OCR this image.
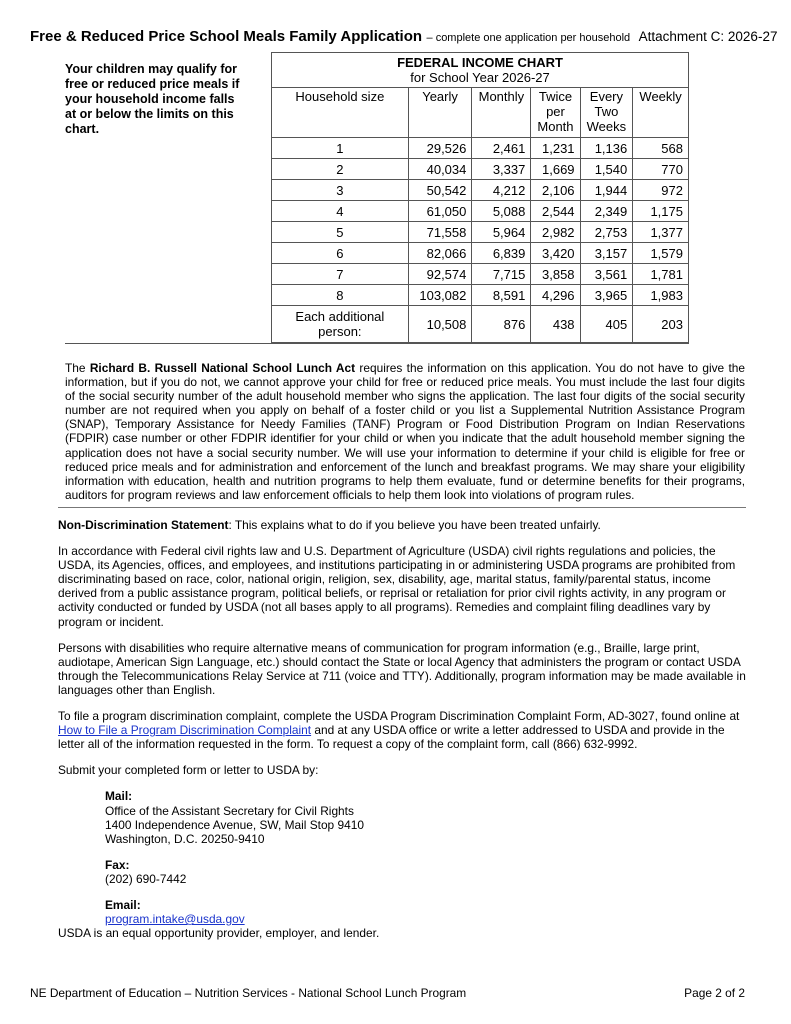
Free & Reduced Price School Meals Family Application – complete one application per household Attachment C: 2026-27
Your children may qualify for free or reduced price meals if your household income falls at or below the limits on this chart.
FEDERAL INCOME CHART
for School Year 2026-27					
Household size	Yearly	Monthly	Twice per Month	Every Two Weeks	Weekly
1	29,526	2,461	1,231	1,136	568
2	40,034	3,337	1,669	1,540	770
3	50,542	4,212	2,106	1,944	972
4	61,050	5,088	2,544	2,349	1,175
5	71,558	5,964	2,982	2,753	1,377
6	82,066	6,839	3,420	3,157	1,579
7	92,574	7,715	3,858	3,561	1,781
8	103,082	8,591	4,296	3,965	1,983
Each additional person:	10,508	876	438	405	203
The Richard B. Russell National School Lunch Act requires the information on this application. You do not have to give the information, but if you do not, we cannot approve your child for free or reduced price meals. You must include the last four digits of the social security number of the adult household member who signs the application. The last four digits of the social security number are not required when you apply on behalf of a foster child or you list a Supplemental Nutrition Assistance Program (SNAP), Temporary Assistance for Needy Families (TANF) Program or Food Distribution Program on Indian Reservations (FDPIR) case number or other FDPIR identifier for your child or when you indicate that the adult household member signing the application does not have a social security number. We will use your information to determine if your child is eligible for free or reduced price meals and for administration and enforcement of the lunch and breakfast programs. We may share your eligibility information with education, health and nutrition programs to help them evaluate, fund or determine benefits for their programs, auditors for program reviews and law enforcement officials to help them look into violations of program rules.

Non-Discrimination Statement: This explains what to do if you believe you have been treated unfairly.

In accordance with Federal civil rights law and U.S. Department of Agriculture (USDA) civil rights regulations and policies, the USDA, its Agencies, offices, and employees, and institutions participating in or administering USDA programs are prohibited from discriminating based on race, color, national origin, religion, sex, disability, age, marital status, family/parental status, income derived from a public assistance program, political beliefs, or reprisal or retaliation for prior civil rights activity, in any program or activity conducted or funded by USDA (not all bases apply to all programs). Remedies and complaint filing deadlines vary by program or incident.

Persons with disabilities who require alternative means of communication for program information (e.g., Braille, large print, audiotape, American Sign Language, etc.) should contact the State or local Agency that administers the program or contact USDA through the Telecommunications Relay Service at 711 (voice and TTY). Additionally, program information may be made available in languages other than English.

To file a program discrimination complaint, complete the USDA Program Discrimination Complaint Form, AD-3027, found online at How to File a Program Discrimination Complaint and at any USDA office or write a letter addressed to USDA and provide in the letter all of the information requested in the form. To request a copy of the complaint form, call (866) 632-9992.

Submit your completed form or letter to USDA by:

Mail:
Office of the Assistant Secretary for Civil Rights
1400 Independence Avenue, SW, Mail Stop 9410
Washington, D.C. 20250-9410

Fax:
(202) 690-7442

Email:
program.intake@usda.gov
USDA is an equal opportunity provider, employer, and lender.
NE Department of Education – Nutrition Services - National School Lunch Program	Page 2 of 2
